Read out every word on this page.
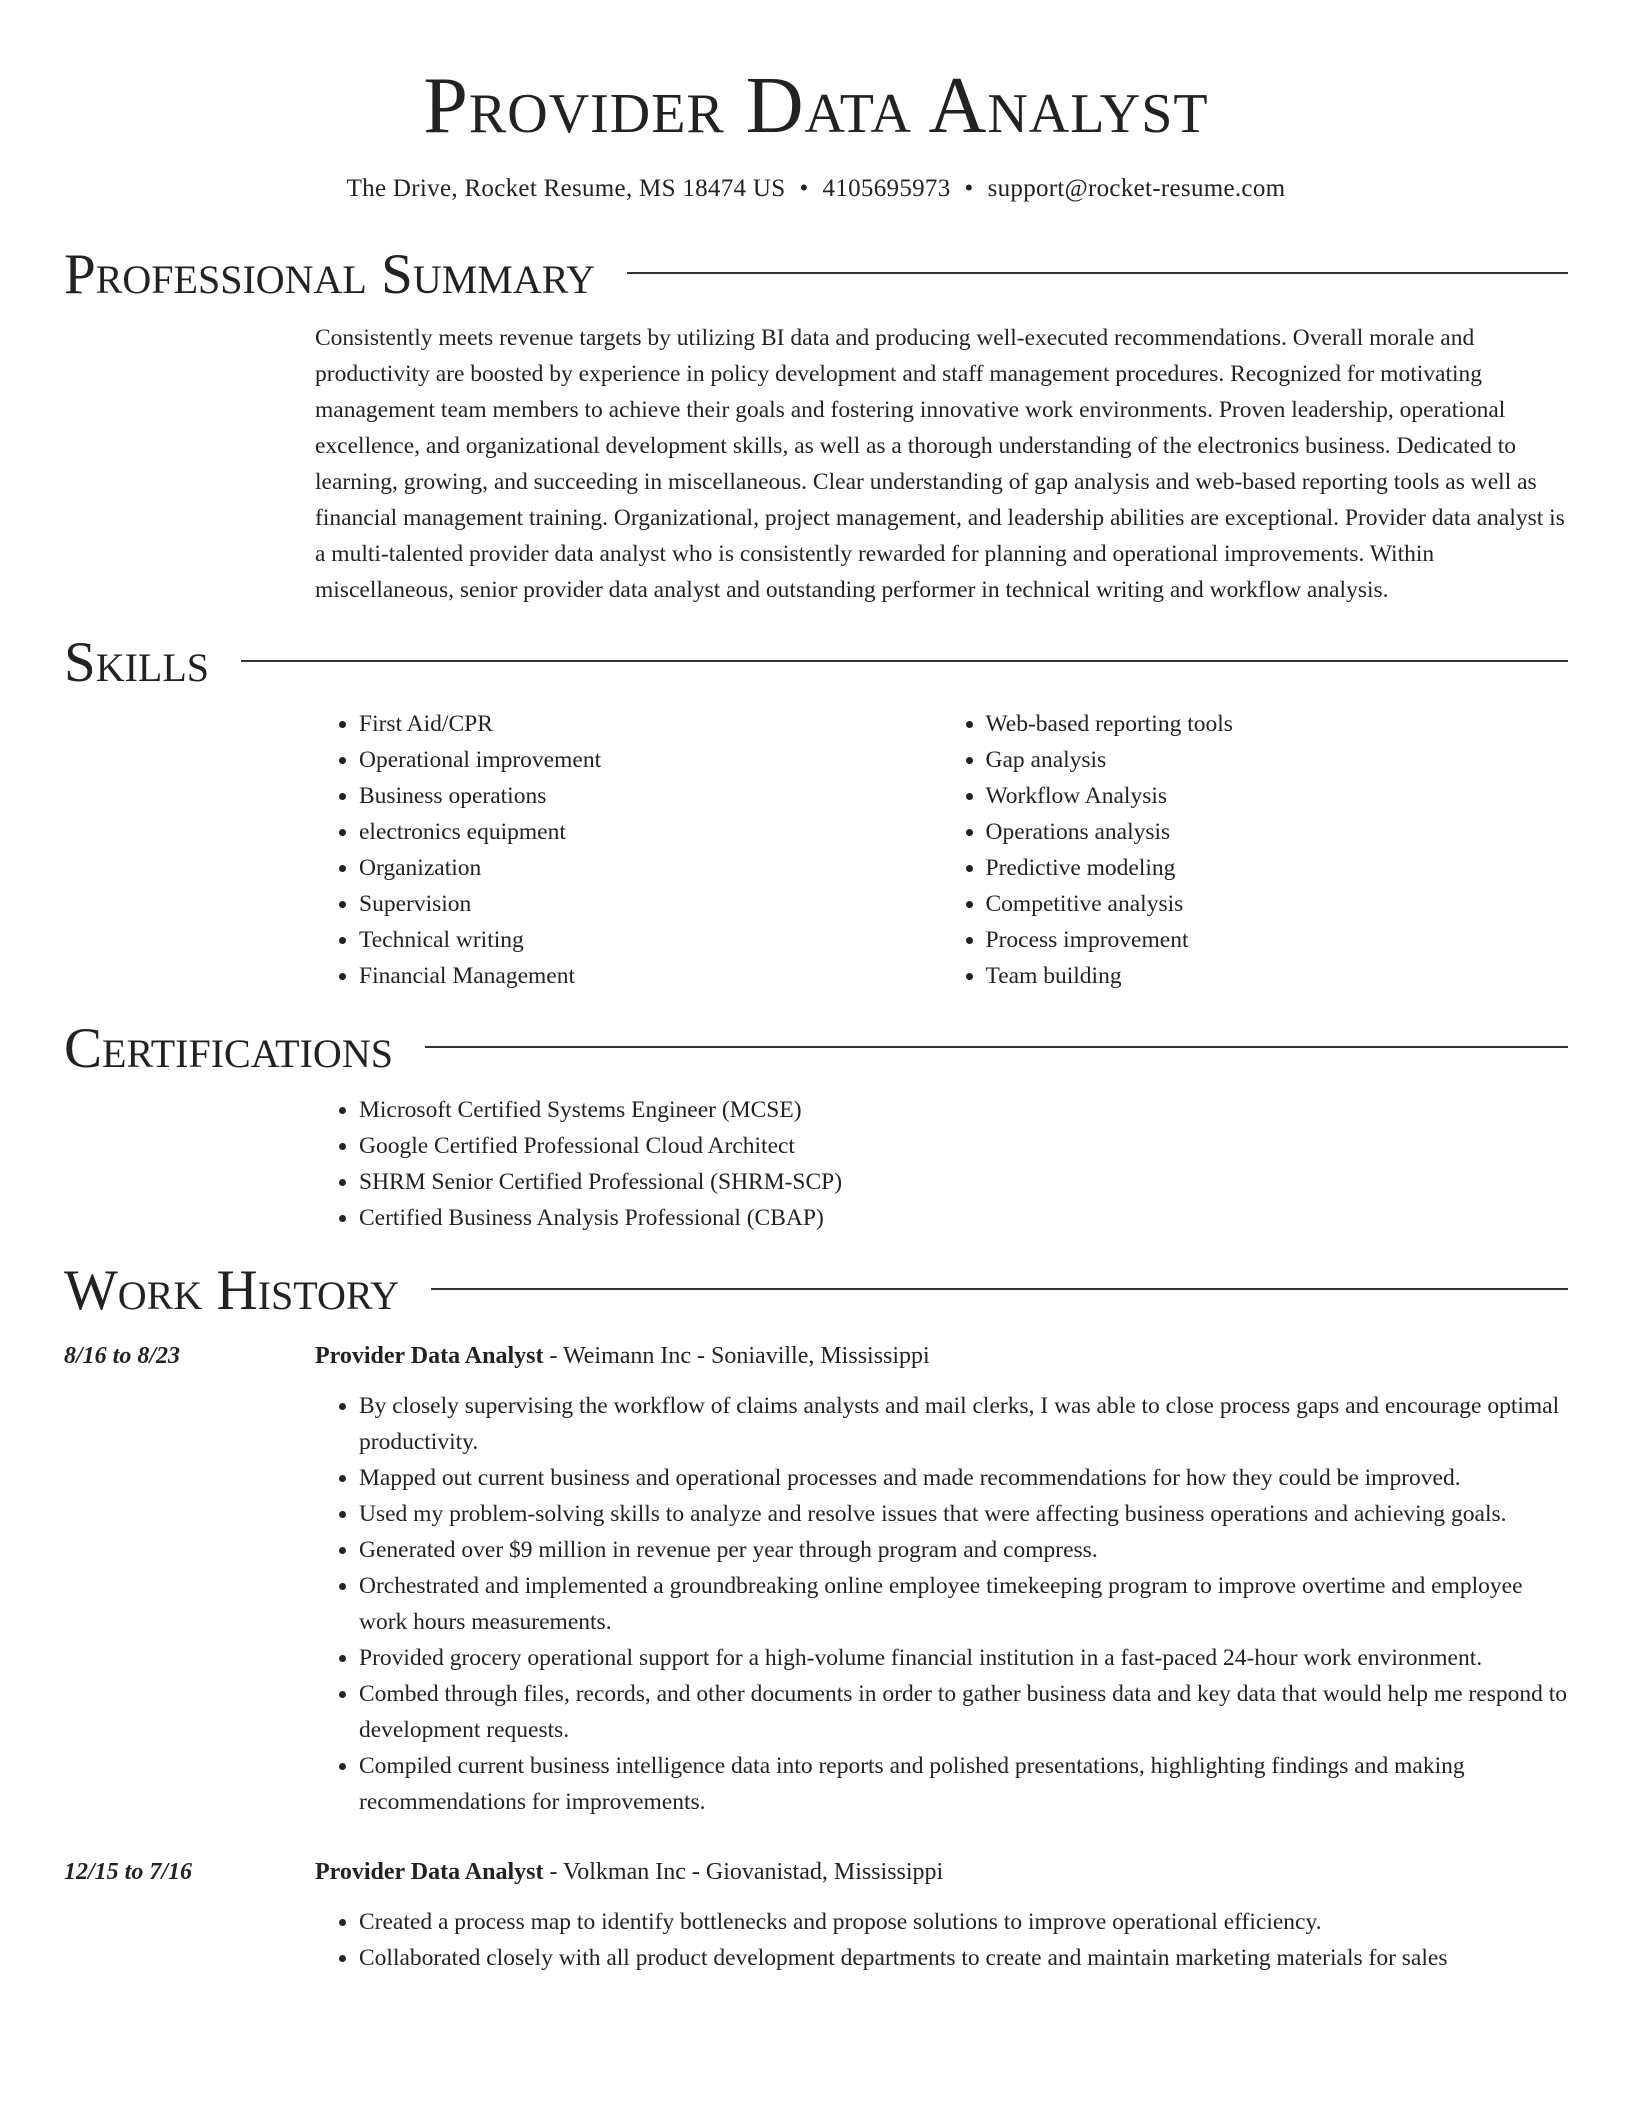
Provider Data Analyst
The Drive, Rocket Resume, MS 18474 US • 4105695973 • support@rocket-resume.com
Professional Summary

Consistently meets revenue targets by utilizing BI data and producing well-executed recommendations. Overall morale and productivity are boosted by experience in policy development and staff management procedures. Recognized for motivating management team members to achieve their goals and fostering innovative work environments. Proven leadership, operational excellence, and organizational development skills, as well as a thorough understanding of the electronics business. Dedicated to learning, growing, and succeeding in miscellaneous. Clear understanding of gap analysis and web-based reporting tools as well as financial management training. Organizational, project management, and leadership abilities are exceptional. Provider data analyst is a multi-talented provider data analyst who is consistently rewarded for planning and operational improvements. Within miscellaneous, senior provider data analyst and outstanding performer in technical writing and workflow analysis.

Skills
• First Aid/CPR
• Operational improvement
• Business operations
• electronics equipment
• Organization
• Supervision
• Technical writing
• Financial Management
• Web-based reporting tools
• Gap analysis
• Workflow Analysis
• Operations analysis
• Predictive modeling
• Competitive analysis
• Process improvement
• Team building
Certifications
• Microsoft Certified Systems Engineer (MCSE)
• Google Certified Professional Cloud Architect
• SHRM Senior Certified Professional (SHRM-SCP)
• Certified Business Analysis Professional (CBAP)
Work History
8/16 to 8/23	Provider Data Analyst - Weimann Inc - Soniaville, Mississippi
• By closely supervising the workflow of claims analysts and mail clerks, I was able to close process gaps and encourage optimal productivity.
• Mapped out current business and operational processes and made recommendations for how they could be improved.
• Used my problem-solving skills to analyze and resolve issues that were affecting business operations and achieving goals.
• Generated over $9 million in revenue per year through program and compress.
• Orchestrated and implemented a groundbreaking online employee timekeeping program to improve overtime and employee work hours measurements.
• Provided grocery operational support for a high-volume financial institution in a fast-paced 24-hour work environment.
• Combed through files, records, and other documents in order to gather business data and key data that would help me respond to development requests.
• Compiled current business intelligence data into reports and polished presentations, highlighting findings and making recommendations for improvements.
12/15 to 7/16	Provider Data Analyst - Volkman Inc - Giovanistad, Mississippi
• Created a process map to identify bottlenecks and propose solutions to improve operational efficiency.
• Collaborated closely with all product development departments to create and maintain marketing materials for sales
